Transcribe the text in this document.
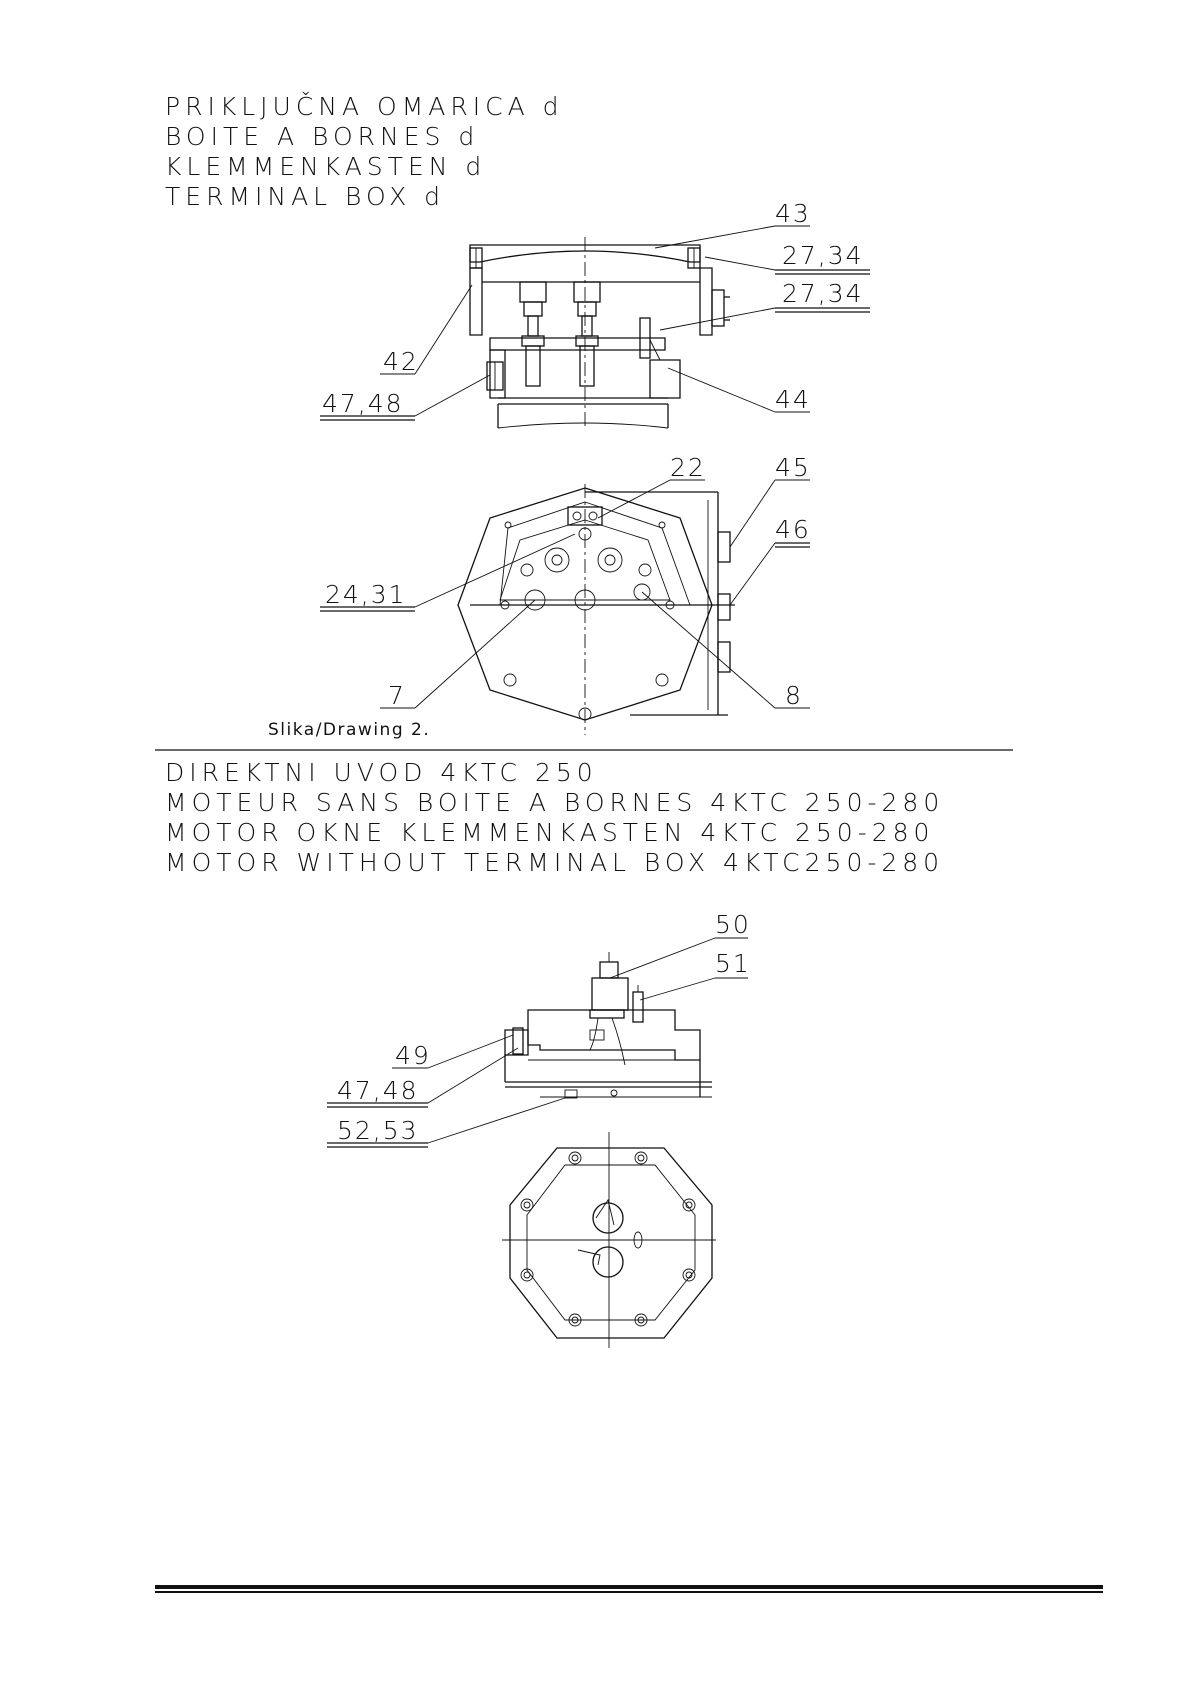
PRIKLJUČNA OMARICA d
BOITE A BORNES d
KLEMMENKASTEN d
TERMINAL BOX d
DIREKTNI UVOD 4KTC 250
MOTEUR SANS BOITE A BORNES 4KTC 250-280
MOTOR OKNE KLEMMENKASTEN 4KTC 250-280
MOTOR WITHOUT TERMINAL BOX 4KTC250-280
43
27,34
27,34
42
47,48	44
22	45
46
24,31
7	8
Slika/Drawing 2.
50
51
49
47,48
52,53
